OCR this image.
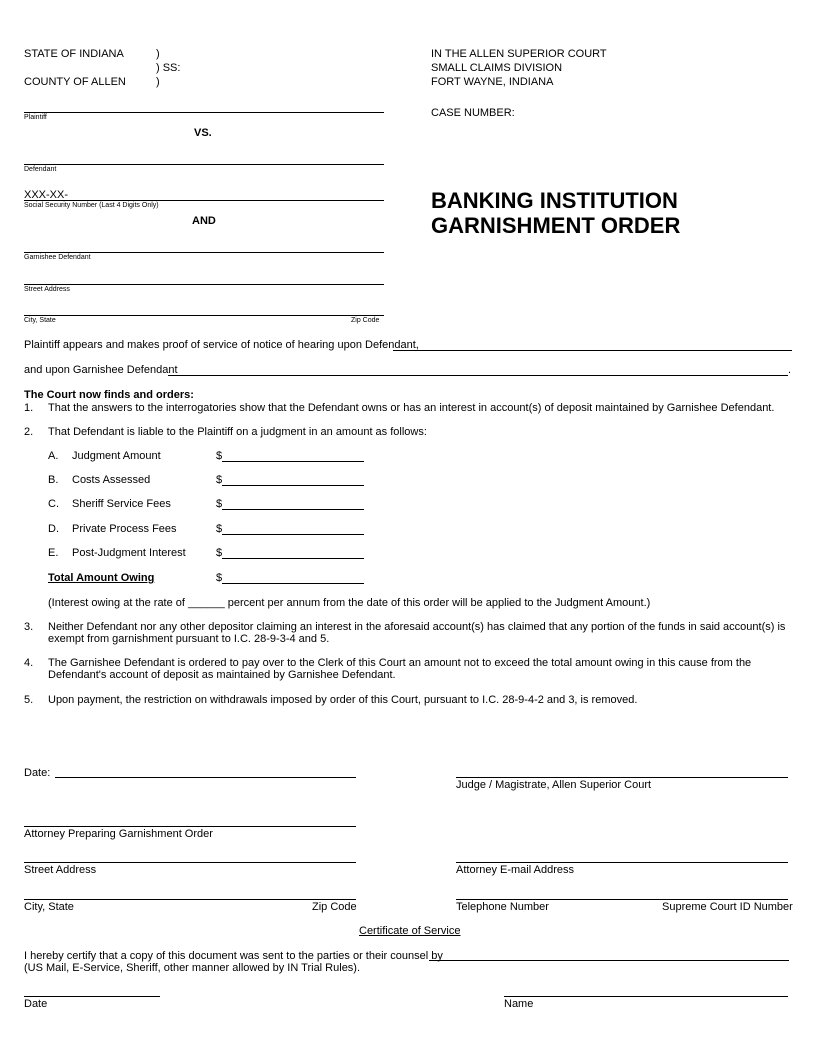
STATE OF INDIANA	)
) SS:
COUNTY OF ALLEN	)
IN THE ALLEN SUPERIOR COURT
SMALL CLAIMS DIVISION
FORT WAYNE, INDIANA
CASE NUMBER:
Plaintiff
VS.
Defendant
XXX-XX-
Social Security Number (Last 4 Digits Only)
AND
Garnishee Defendant
Street Address
City, State	Zip Code
BANKING INSTITUTION
GARNISHMENT ORDER
Plaintiff appears and makes proof of service of notice of hearing upon Defendant,
and upon Garnishee Defendant	.
The Court now finds and orders:
1. That the answers to the interrogatories show that the Defendant owns or has an interest in account(s) of deposit maintained by Garnishee Defendant.
2. That Defendant is liable to the Plaintiff on a judgment in an amount as follows:
A. Judgment Amount	$
B. Costs Assessed	$
C. Sheriff Service Fees	$
D. Private Process Fees	$
E. Post-Judgment Interest	$
Total Amount Owing	$
(Interest owing at the rate of ______ percent per annum from the date of this order will be applied to the Judgment Amount.)
3. Neither Defendant nor any other depositor claiming an interest in the aforesaid account(s) has claimed that any portion of the funds in said account(s) is exempt from garnishment pursuant to I.C. 28-9-3-4 and 5.
4. The Garnishee Defendant is ordered to pay over to the Clerk of this Court an amount not to exceed the total amount owing in this cause from the Defendant's account of deposit as maintained by Garnishee Defendant.
5. Upon payment, the restriction on withdrawals imposed by order of this Court, pursuant to I.C. 28-9-4-2 and 3, is removed.
Date:
Judge / Magistrate, Allen Superior Court
Attorney Preparing Garnishment Order
Street Address	Attorney E-mail Address
City, State	Zip Code	Telephone Number	Supreme Court ID Number
Certificate of Service
I hereby certify that a copy of this document was sent to the parties or their counsel by
(US Mail, E-Service, Sheriff, other manner allowed by IN Trial Rules).
Date	Name
